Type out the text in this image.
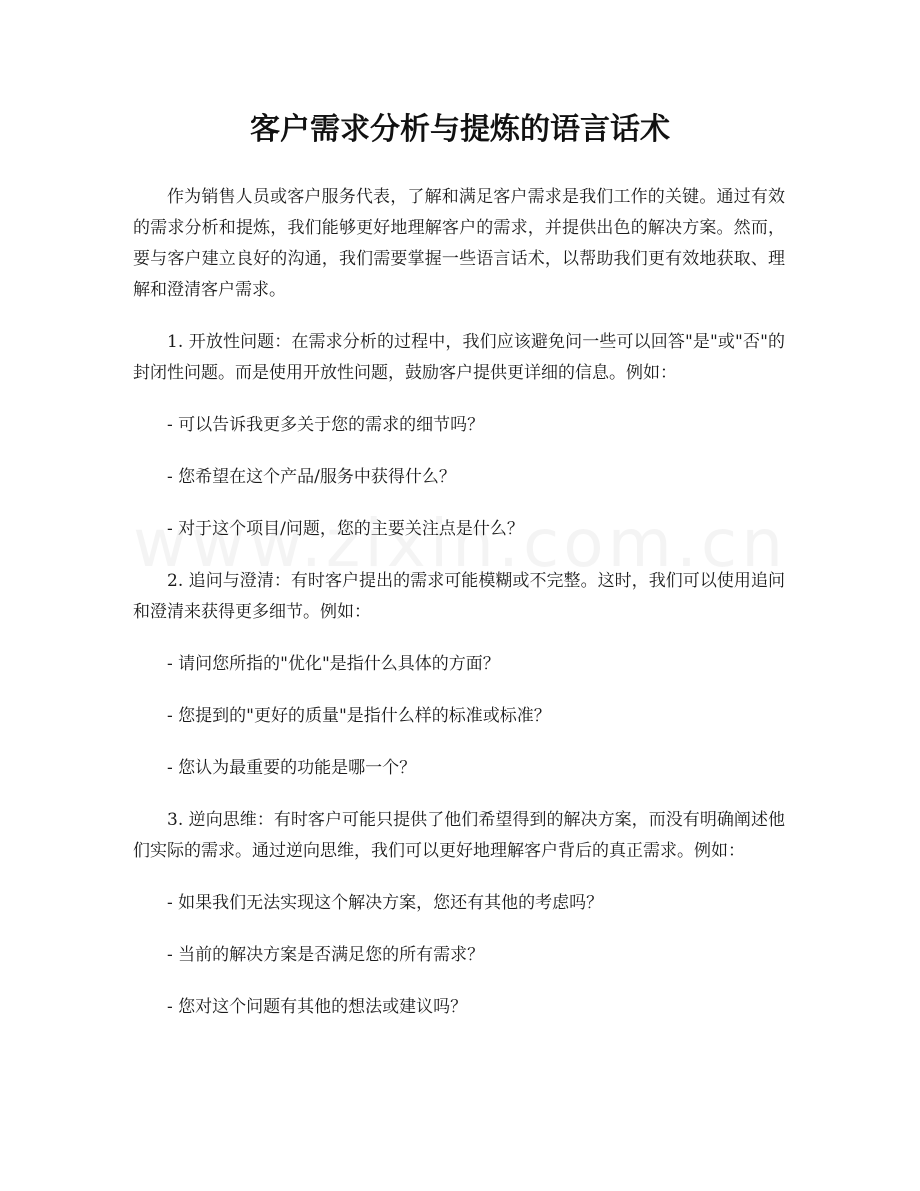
客户需求分析与提炼的语言话术

作为销售人员或客户服务代表，了解和满足客户需求是我们工作的关键。通过有效的需求分析和提炼，我们能够更好地理解客户的需求，并提供出色的解决方案。然而，要与客户建立良好的沟通，我们需要掌握一些语言话术，以帮助我们更有效地获取、理解和澄清客户需求。

1. 开放性问题：在需求分析的过程中，我们应该避免问一些可以回答"是"或"否"的封闭性问题。而是使用开放性问题，鼓励客户提供更详细的信息。例如：

- 可以告诉我更多关于您的需求的细节吗？

- 您希望在这个产品/服务中获得什么？

- 对于这个项目/问题，您的主要关注点是什么？

2. 追问与澄清：有时客户提出的需求可能模糊或不完整。这时，我们可以使用追问和澄清来获得更多细节。例如：

- 请问您所指的"优化"是指什么具体的方面？

- 您提到的"更好的质量"是指什么样的标准或标准？

- 您认为最重要的功能是哪一个？

3. 逆向思维：有时客户可能只提供了他们希望得到的解决方案，而没有明确阐述他们实际的需求。通过逆向思维，我们可以更好地理解客户背后的真正需求。例如：

- 如果我们无法实现这个解决方案，您还有其他的考虑吗？

- 当前的解决方案是否满足您的所有需求？

- 您对这个问题有其他的想法或建议吗？
